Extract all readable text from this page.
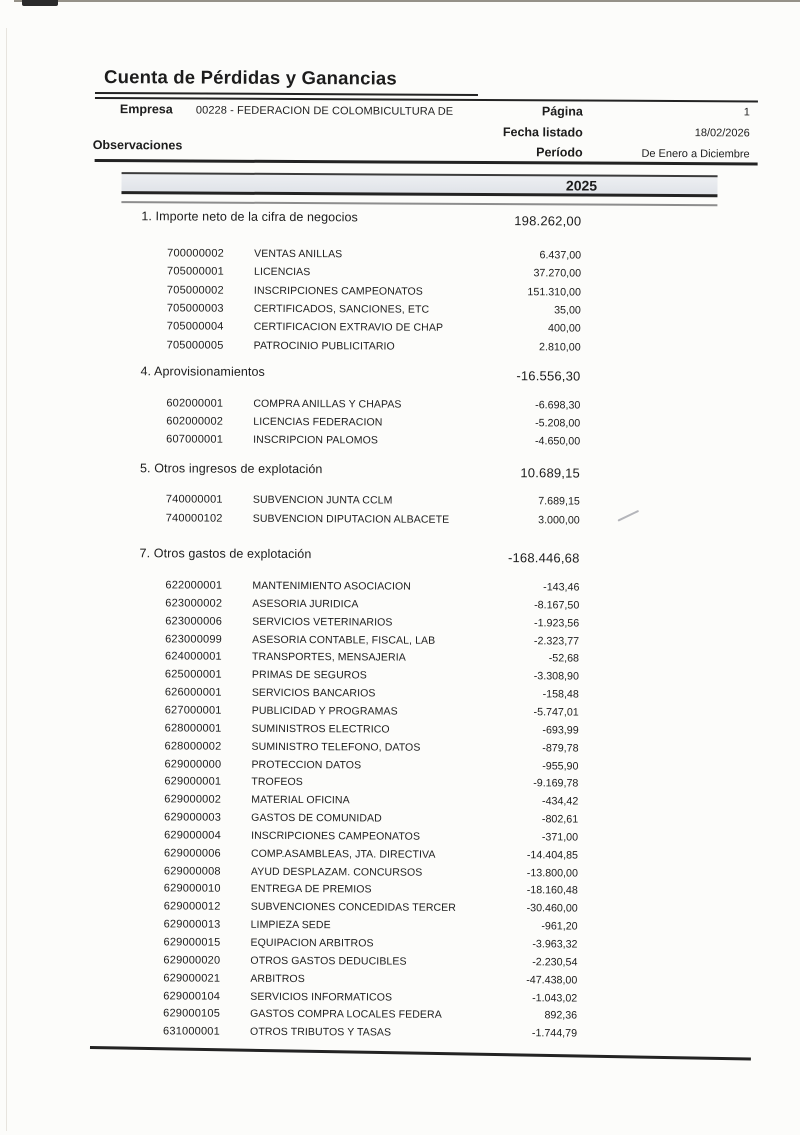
Cuenta de Pérdidas y Ganancias
Empresa 00228 - FEDERACION DE COLOMBICULTURA DE
Observaciones
Página	1
Fecha listado	18/02/2026
Período	De Enero a Diciembre
2025
1. Importe neto de la cifra de negocios	198.262,00
700000002	VENTAS ANILLAS	6.437,00
705000001	LICENCIAS	37.270,00
705000002	INSCRIPCIONES CAMPEONATOS	151.310,00
705000003	CERTIFICADOS, SANCIONES, ETC	35,00
705000004	CERTIFICACION EXTRAVIO DE CHAP	400,00
705000005	PATROCINIO PUBLICITARIO	2.810,00
4. Aprovisionamientos	-16.556,30
602000001	COMPRA ANILLAS Y CHAPAS	-6.698,30
602000002	LICENCIAS FEDERACION	-5.208,00
607000001	INSCRIPCION PALOMOS	-4.650,00
5. Otros ingresos de explotación	10.689,15
740000001	SUBVENCION JUNTA CCLM	7.689,15
740000102	SUBVENCION DIPUTACION ALBACETE	3.000,00
7. Otros gastos de explotación	-168.446,68
622000001	MANTENIMIENTO ASOCIACION	-143,46
623000002	ASESORIA JURIDICA	-8.167,50
623000006	SERVICIOS VETERINARIOS	-1.923,56
623000099	ASESORIA CONTABLE, FISCAL, LAB	-2.323,77
624000001	TRANSPORTES, MENSAJERIA	-52,68
625000001	PRIMAS DE SEGUROS	-3.308,90
626000001	SERVICIOS BANCARIOS	-158,48
627000001	PUBLICIDAD Y PROGRAMAS	-5.747,01
628000001	SUMINISTROS ELECTRICO	-693,99
628000002	SUMINISTRO TELEFONO, DATOS	-879,78
629000000	PROTECCION DATOS	-955,90
629000001	TROFEOS	-9.169,78
629000002	MATERIAL OFICINA	-434,42
629000003	GASTOS DE COMUNIDAD	-802,61
629000004	INSCRIPCIONES CAMPEONATOS	-371,00
629000006	COMP.ASAMBLEAS, JTA. DIRECTIVA	-14.404,85
629000008	AYUD DESPLAZAM. CONCURSOS	-13.800,00
629000010	ENTREGA DE PREMIOS	-18.160,48
629000012	SUBVENCIONES CONCEDIDAS TERCER	-30.460,00
629000013	LIMPIEZA SEDE	-961,20
629000015	EQUIPACION ARBITROS	-3.963,32
629000020	OTROS GASTOS DEDUCIBLES	-2.230,54
629000021	ARBITROS	-47.438,00
629000104	SERVICIOS INFORMATICOS	-1.043,02
629000105	GASTOS COMPRA LOCALES FEDERA	892,36
631000001	OTROS TRIBUTOS Y TASAS	-1.744,79
